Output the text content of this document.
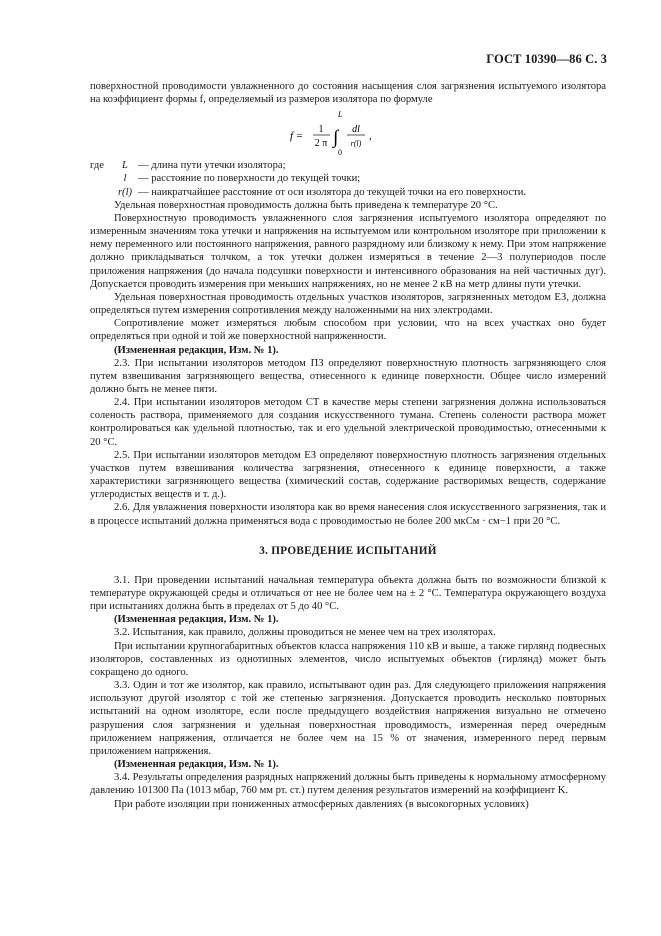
ГОСТ 10390—86 С. 3

поверхностной проводимости увлажненного до состояния насыщения слоя загрязнения испытуемого изолятора на коэффициент формы f, определяемый из размеров изолятора по формуле

f =
1
2 π
L
∫
0
dl
r(l)
,
где	L — длина пути утечки изолятора;
l	— расстояние по поверхности до текущей точки;
r(l) — наикратчайшее расстояние от оси изолятора до текущей точки на его поверхности.

Удельная поверхностная проводимость должна быть приведена к температуре 20 °С.

Поверхностную проводимость увлажненного слоя загрязнения испытуемого изолятора определяют по измеренным значениям тока утечки и напряжения на испытуемом или контрольном изоляторе при приложении к нему переменного или постоянного напряжения, равного разрядному или близкому к нему. При этом напряжение должно прикладываться толчком, а ток утечки должен измеряться в течение 2—3 полупериодов после приложения напряжения (до начала подсушки поверхности и интенсивного образования на ней частичных дуг). Допускается проводить измерения при меньших напряжениях, но не менее 2 кВ на метр длины пути утечки.

Удельная поверхностная проводимость отдельных участков изоляторов, загрязненных методом ЕЗ, должна определяться путем измерения сопротивления между наложенными на них электродами.

Сопротивление может измеряться любым способом при условии, что на всех участках оно будет определяться при одной и той же поверхностной напряженности.

(Измененная редакция, Изм. № 1).

2.3. При испытании изоляторов методом ПЗ определяют поверхностную плотность загрязняющего слоя путем взвешивания загрязняющего вещества, отнесенного к единице поверхности. Общее число измерений должно быть не менее пяти.

2.4. При испытании изоляторов методом СТ в качестве меры степени загрязнения должна использоваться соленость раствора, применяемого для создания искусственного тумана. Степень солености раствора может контролироваться как удельной плотностью, так и его удельной электрической проводимостью, отнесенными к 20 °С.

2.5. При испытании изоляторов методом ЕЗ определяют поверхностную плотность загрязнения отдельных участков путем взвешивания количества загрязнения, отнесенного к единице поверхности, а также характеристики загрязняющего вещества (химический состав, содержание растворимых веществ, содержание углеродистых веществ и т. д.).

2.6. Для увлажнения поверхности изолятора как во время нанесения слоя искусственного загрязнения, так и в процессе испытаний должна применяться вода с проводимостью не более 200 мкСм · см−1 при 20 °С.

3. ПРОВЕДЕНИЕ ИСПЫТАНИЙ

3.1. При проведении испытаний начальная температура объекта должна быть по возможности близкой к температуре окружающей среды и отличаться от нее не более чем на ± 2 °С. Температура окружающего воздуха при испытаниях должна быть в пределах от 5 до 40 °С.

(Измененная редакция, Изм. № 1).

3.2. Испытания, как правило, должны проводиться не менее чем на трех изоляторах.

При испытании крупногабаритных объектов класса напряжения 110 кВ и выше, а также гирлянд подвесных изоляторов, составленных из однотипных элементов, число испытуемых объектов (гирлянд) может быть сокращено до одного.

3.3. Один и тот же изолятор, как правило, испытывают один раз. Для следующего приложения напряжения используют другой изолятор с той же степенью загрязнения. Допускается проводить несколько повторных испытаний на одном изоляторе, если после предыдущего воздействия напряжения визуально не отмечено разрушения слоя загрязнения и удельная поверхностная проводимость, измеренная перед очередным приложением напряжения, отличается не более чем на 15 % от значения, измеренного перед первым приложением напряжения.

(Измененная редакция, Изм. № 1).

3.4. Результаты определения разрядных напряжений должны быть приведены к нормальному атмосферному давлению 101300 Па (1013 мбар, 760 мм рт. ст.) путем деления результатов измерений на коэффициент K.

При работе изоляции при пониженных атмосферных давлениях (в высокогорных условиях)
